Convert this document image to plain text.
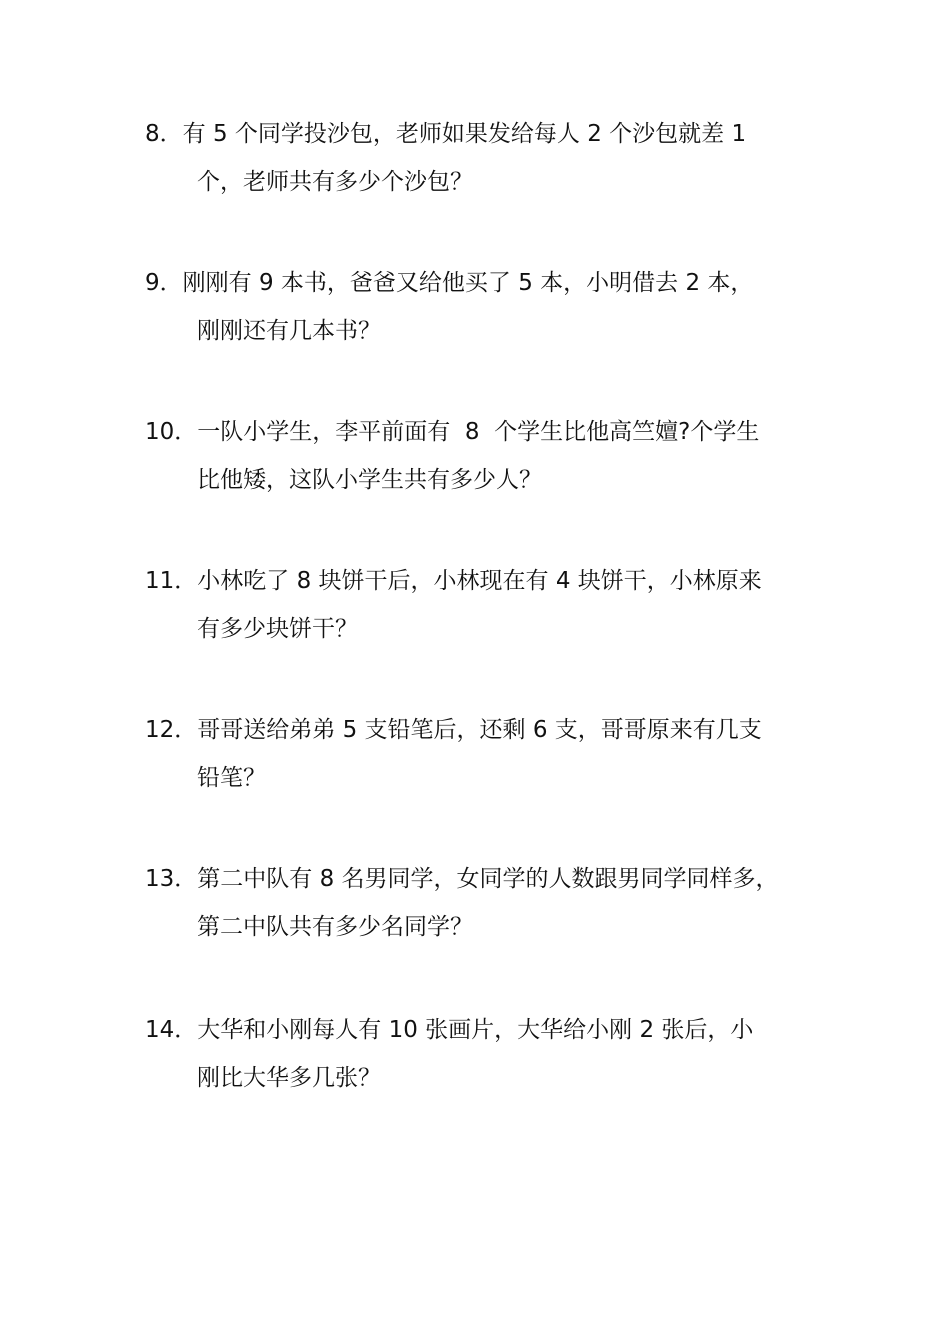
8．有 5 个同学投沙包，老师如果发给每人 2 个沙包就差 1
个，老师共有多少个沙包？
9．刚刚有 9 本书，爸爸又给他买了 5 本，小明借去 2 本，
刚刚还有几本书？
10．一队小学生，李平前面有  8  个学生比他高竺嬗?个学生
比他矮，这队小学生共有多少人？
11．小林吃了 8 块饼干后，小林现在有 4 块饼干，小林原来
有多少块饼干？
12．哥哥送给弟弟 5 支铅笔后，还剩 6 支，哥哥原来有几支
铅笔？
13．第二中队有 8 名男同学，女同学的人数跟男同学同样多，
第二中队共有多少名同学？
14．大华和小刚每人有 10 张画片，大华给小刚 2 张后，小
刚比大华多几张？
